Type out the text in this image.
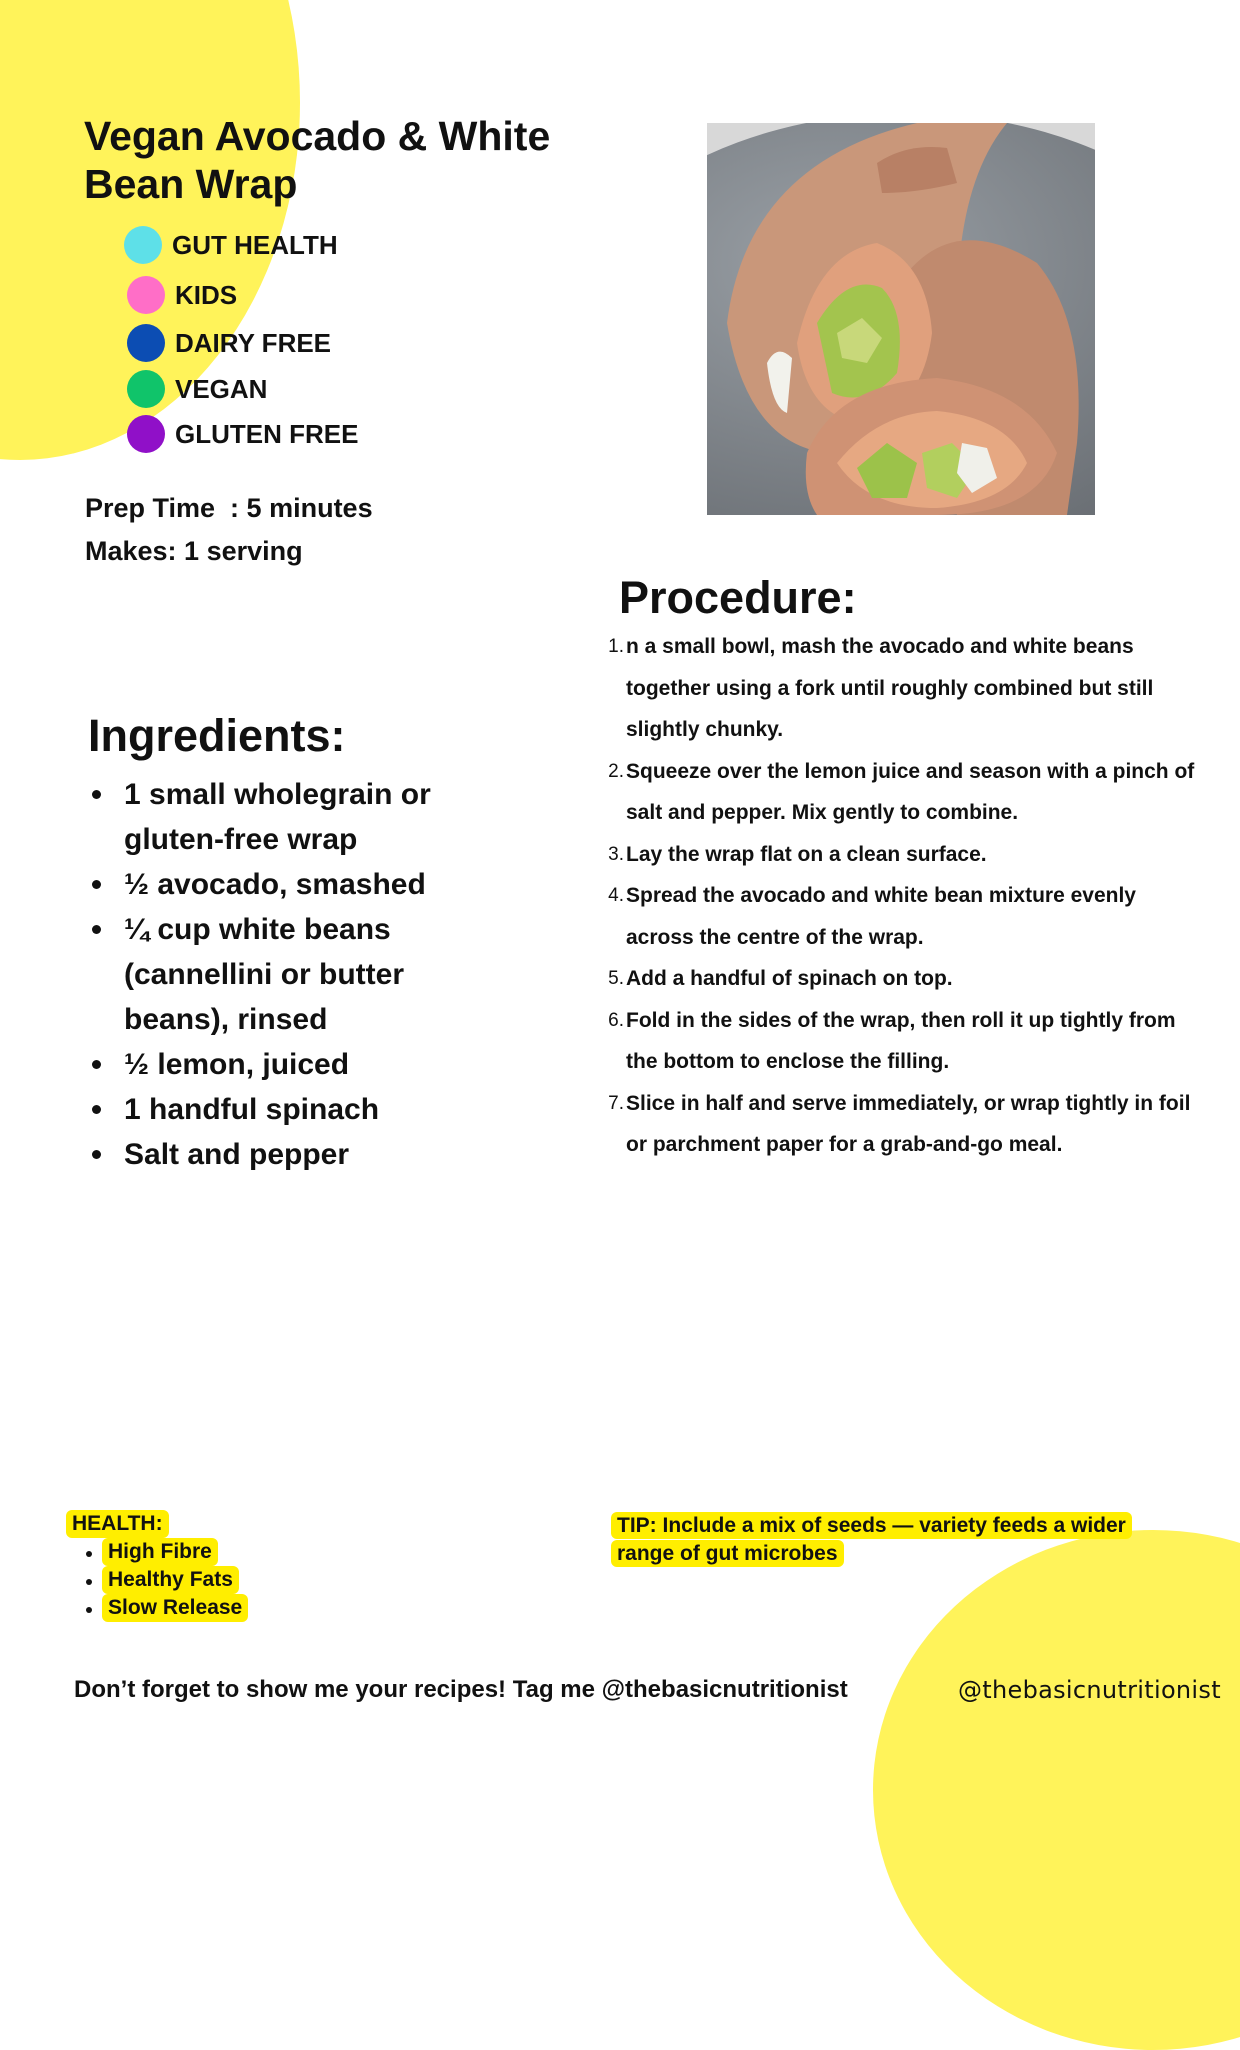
Vegan Avocado & White
Bean Wrap
GUT HEALTH
KIDS
DAIRY FREE
VEGAN
GLUTEN FREE
Prep Time  : 5 minutes
Makes: 1 serving
Ingredients:
1 small wholegrain or gluten-free wrap
½ avocado, smashed
¼ cup white beans (cannellini or butter beans), rinsed
½ lemon, juiced
1 handful spinach
Salt and pepper
Procedure:
1. n a small bowl, mash the avocado and white beans together using a fork until roughly combined but still slightly chunky.
2. Squeeze over the lemon juice and season with a pinch of salt and pepper. Mix gently to combine.
3. Lay the wrap flat on a clean surface.
4. Spread the avocado and white bean mixture evenly across the centre of the wrap.
5. Add a handful of spinach on top.
6. Fold in the sides of the wrap, then roll it up tightly from the bottom to enclose the filling.
7. Slice in half and serve immediately, or wrap tightly in foil or parchment paper for a grab-and-go meal.
HEALTH:
High Fibre
Healthy Fats
Slow Release
TIP: Include a mix of seeds — variety feeds a wider range of gut microbes
Don’t forget to show me your recipes! Tag me @thebasicnutritionist	@thebasicnutritionist
